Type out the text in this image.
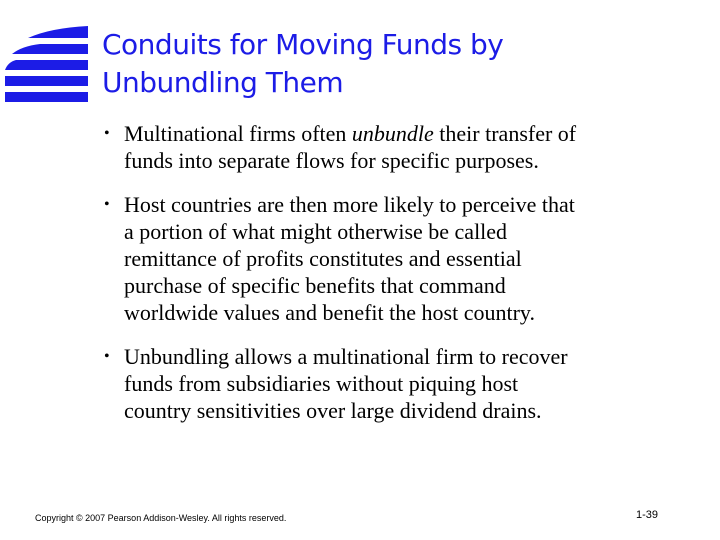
Conduits for Moving Funds by
Unbundling Them
• Multinational firms often unbundle their transfer of
funds into separate flows for specific purposes.
• Host countries are then more likely to perceive that
a portion of what might otherwise be called
remittance of profits constitutes and essential
purchase of specific benefits that command
worldwide values and benefit the host country.
• Unbundling allows a multinational firm to recover
funds from subsidiaries without piquing host
country sensitivities over large dividend drains.
Copyright © 2007 Pearson Addison-Wesley. All rights reserved.	1-39
